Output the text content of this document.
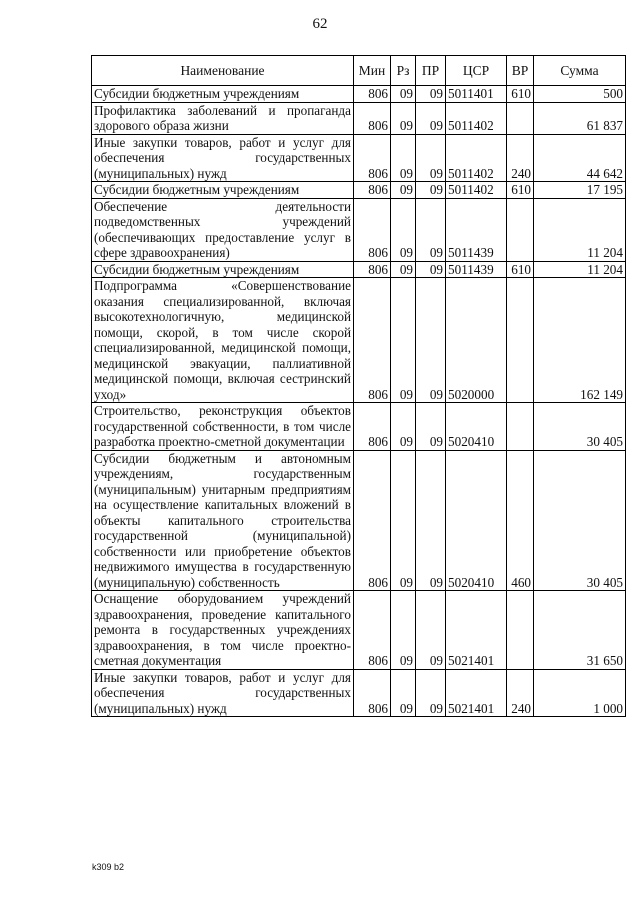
62
Наименование	Мин	Рз	ПР	ЦСР	ВР	Сумма
Субсидии бюджетным учреждениям	806	09	09	5011401	610	500
Профилактика заболеваний и пропаганда здорового образа жизни	806	09	09	5011402		61 837
Иные закупки товаров, работ и услуг для обеспечения государственных (муниципальных) нужд	806	09	09	5011402	240	44 642
Субсидии бюджетным учреждениям	806	09	09	5011402	610	17 195
Обеспечение деятельности подведомственных учреждений (обеспечивающих предоставление услуг в сфере здравоохранения)	806	09	09	5011439		11 204
Субсидии бюджетным учреждениям	806	09	09	5011439	610	11 204
Подпрограмма «Совершенствование оказания специализированной, включая высокотехнологичную, медицинской помощи, скорой, в том числе скорой специализированной, медицинской помощи, медицинской эвакуации, паллиативной медицинской помощи, включая сестринский уход»	806	09	09	5020000		162 149
Строительство, реконструкция объектов государственной собственности, в том числе разработка проектно-сметной документации	806	09	09	5020410		30 405
Субсидии бюджетным и автономным учреждениям, государственным (муниципальным) унитарным предприятиям на осуществление капитальных вложений в объекты капитального строительства государственной (муниципальной) собственности или приобретение объектов недвижимого имущества в государственную (муниципальную) собственность	806	09	09	5020410	460	30 405
Оснащение оборудованием учреждений здравоохранения, проведение капитального ремонта в государственных учреждениях здравоохранения, в том числе проектно-сметная документация	806	09	09	5021401		31 650
Иные закупки товаров, работ и услуг для обеспечения государственных (муниципальных) нужд	806	09	09	5021401	240	1 000
k309 b2
